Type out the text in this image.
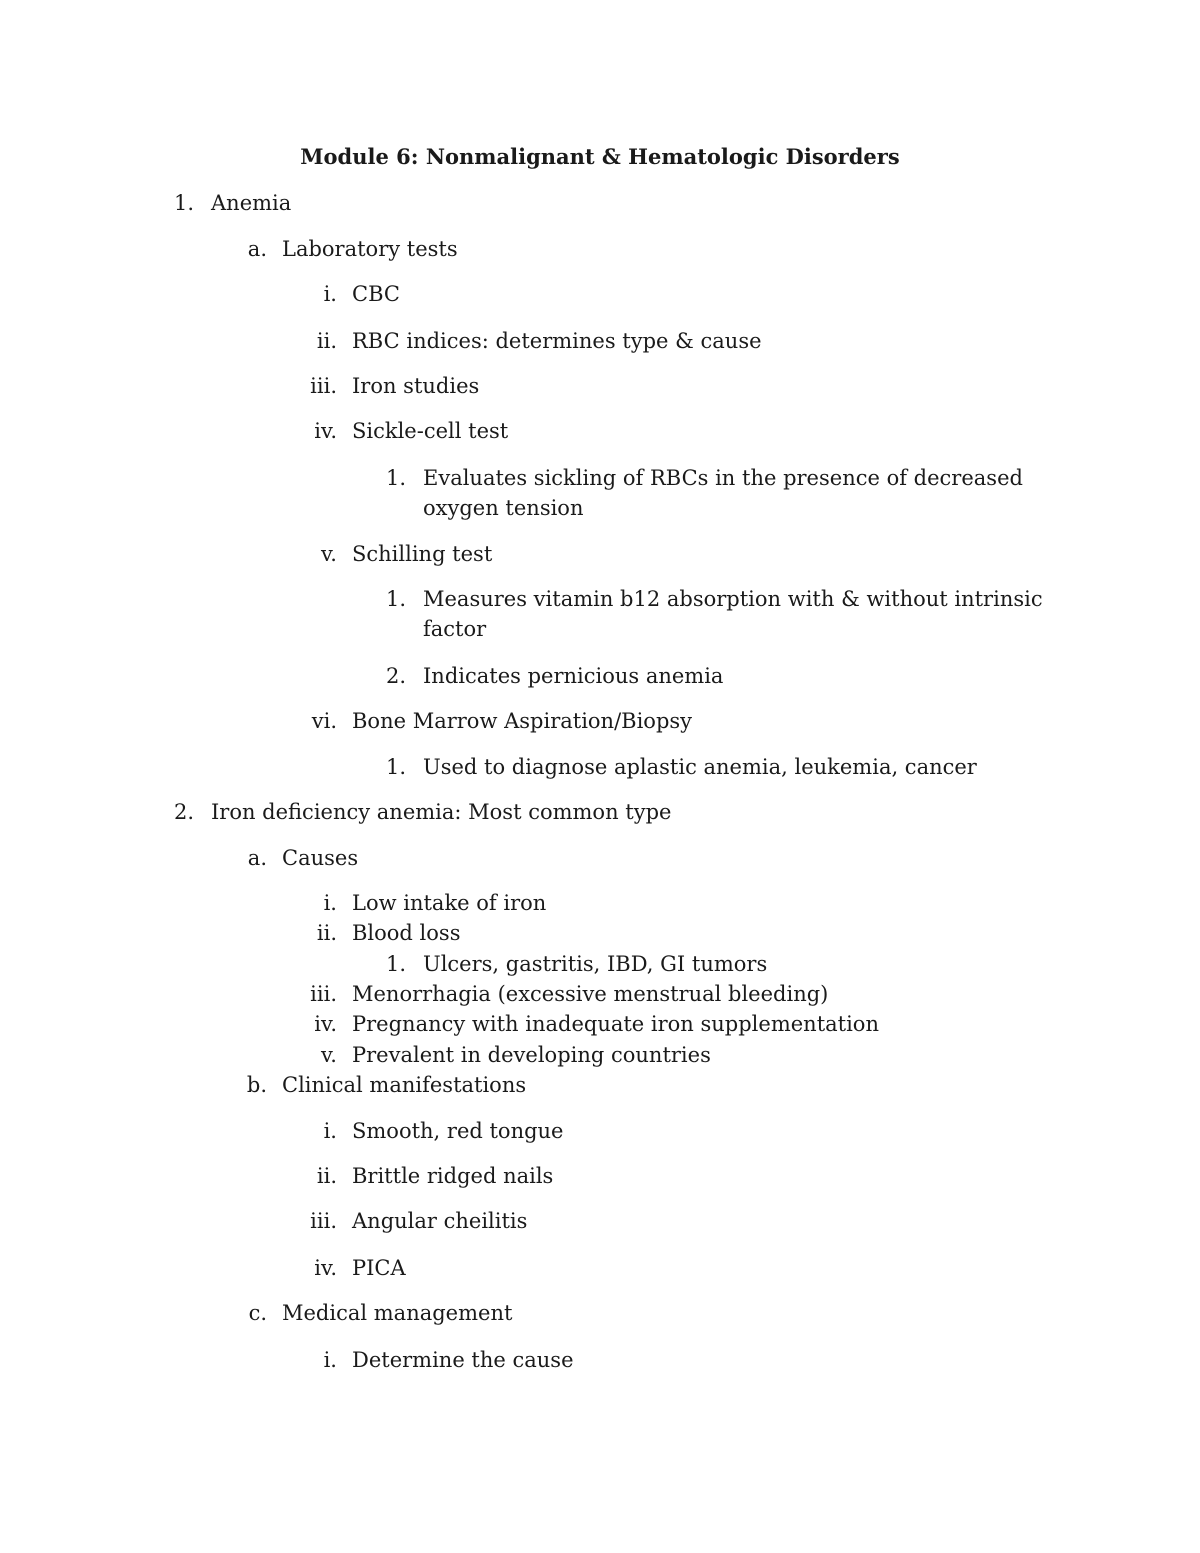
Module 6: Nonmalignant & Hematologic Disorders
1. Anemia
a. Laboratory tests
i. CBC
ii. RBC indices: determines type & cause
iii. Iron studies
iv. Sickle-cell test
1. Evaluates sickling of RBCs in the presence of decreased
oxygen tension
v. Schilling test
1. Measures vitamin b12 absorption with & without intrinsic
factor
2. Indicates pernicious anemia
vi. Bone Marrow Aspiration/Biopsy
1. Used to diagnose aplastic anemia, leukemia, cancer
2. Iron deficiency anemia: Most common type
a. Causes
i. Low intake of iron
ii. Blood loss
1. Ulcers, gastritis, IBD, GI tumors
iii. Menorrhagia (excessive menstrual bleeding)
iv. Pregnancy with inadequate iron supplementation
v. Prevalent in developing countries
b. Clinical manifestations
i. Smooth, red tongue
ii. Brittle ridged nails
iii. Angular cheilitis
iv. PICA
c. Medical management
i. Determine the cause
